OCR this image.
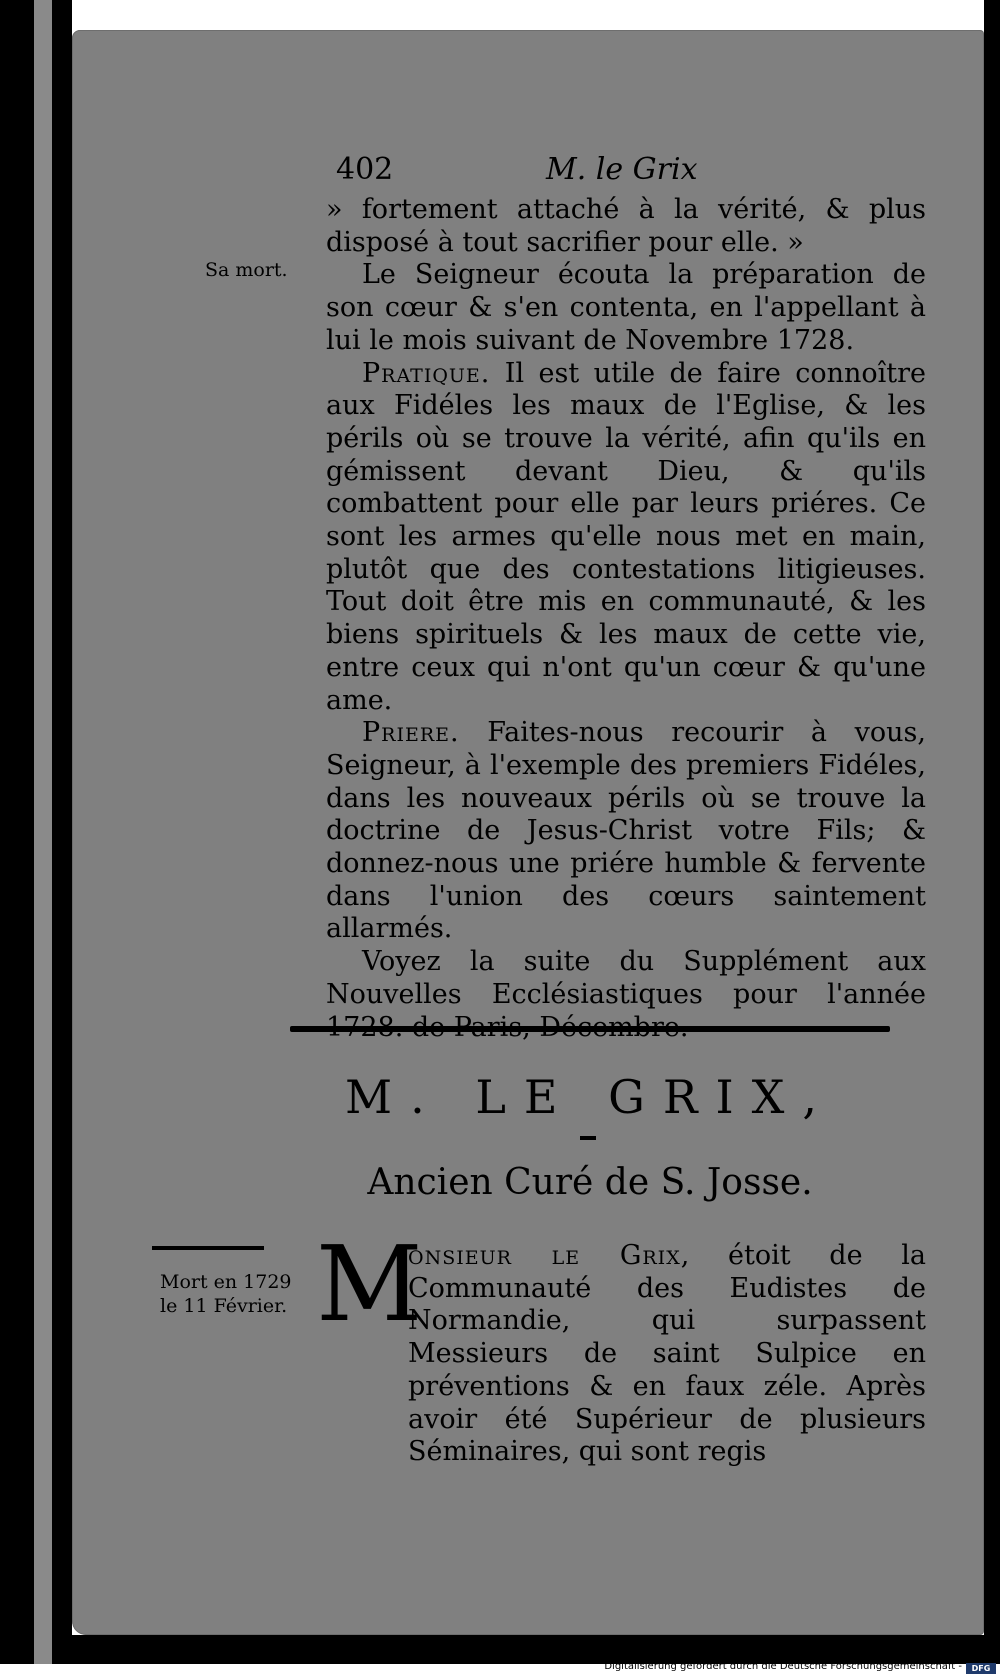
402	M. le Grix
Sa mort.

» fortement attaché à la vérité, & plus disposé à tout sacrifier pour elle. »

Le Seigneur écouta la préparation de son cœur & s'en contenta, en l'appellant à lui le mois suivant de Novembre 1728.

Pratique. Il est utile de faire connoître aux Fidéles les maux de l'Eglise, & les périls où se trouve la vérité, afin qu'ils en gémissent devant Dieu, & qu'ils combattent pour elle par leurs priéres. Ce sont les armes qu'elle nous met en main, plutôt que des contestations litigieuses. Tout doit être mis en communauté, & les biens spirituels & les maux de cette vie, entre ceux qui n'ont qu'un cœur & qu'une ame.

Priere. Faites-nous recourir à vous, Seigneur, à l'exemple des premiers Fidéles, dans les nouveaux périls où se trouve la doctrine de Jesus-Christ votre Fils; & donnez-nous une priére humble & fervente dans l'union des cœurs saintement allarmés.

Voyez la suite du Supplément aux Nouvelles Ecclésiastiques pour l'année

M. LE GRIX,
Ancien Curé de S. Josse.
Mort en 1729
le 11 Février. M

onsieur le Grix, étoit de la Communauté des Eudistes de Normandie, qui surpassent Messieurs de saint Sulpice en préventions & en faux zéle. Après avoir été Supérieur de plusieurs Séminaires, qui sont regis

Digitalisierung gefördert durch die Deutsche Forschungsgemeinschaft -	DFG
